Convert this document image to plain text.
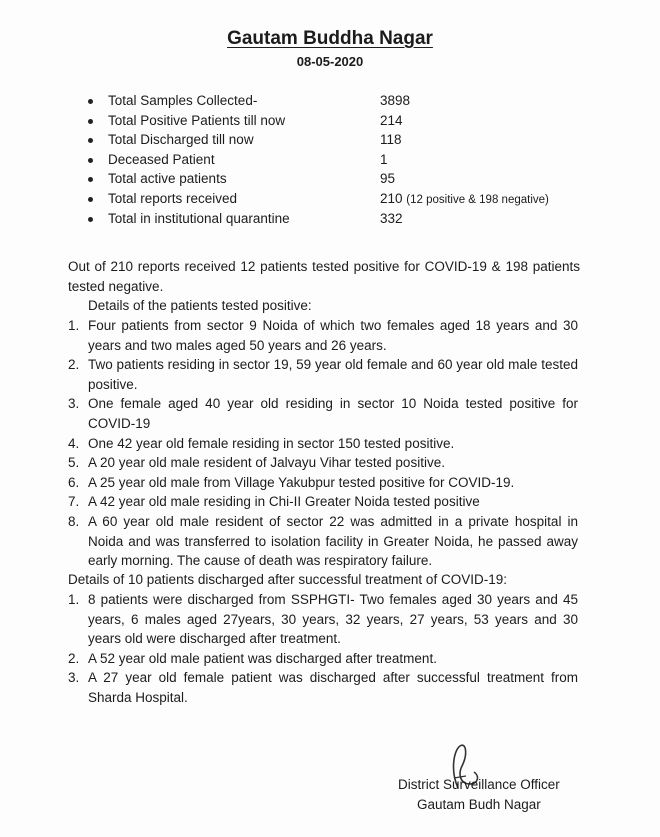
Gautam Buddha Nagar
08-05-2020
Total Samples Collected-	3898
Total Positive Patients till now	214
Total Discharged till now	118
Deceased Patient	1
Total active patients	95
Total reports received	210 (12 positive & 198 negative)
Total in institutional quarantine	332
Out of 210 reports received 12 patients tested positive for COVID-19 & 198 patients tested negative.
Details of the patients tested positive:
1. Four patients from sector 9 Noida of which two females aged 18 years and 30 years and two males aged 50 years and 26 years.
2. Two patients residing in sector 19, 59 year old female and 60 year old male tested positive.
3. One female aged 40 year old residing in sector 10 Noida tested positive for COVID-19
4. One 42 year old female residing in sector 150 tested positive.
5. A 20 year old male resident of Jalvayu Vihar tested positive.
6. A 25 year old male from Village Yakubpur tested positive for COVID-19.
7. A 42 year old male residing in Chi-II Greater Noida tested positive
8. A 60 year old male resident of sector 22 was admitted in a private hospital in Noida and was transferred to isolation facility in Greater Noida, he passed away early morning. The cause of death was respiratory failure.
Details of 10 patients discharged after successful treatment of COVID-19:
1. 8 patients were discharged from SSPHGTI- Two females aged 30 years and 45 years, 6 males aged 27years, 30 years, 32 years, 27 years, 53 years and 30 years old were discharged after treatment.
2. A 52 year old male patient was discharged after treatment.
3. A 27 year old female patient was discharged after successful treatment from Sharda Hospital.
District Surveillance Officer
Gautam Budh Nagar
